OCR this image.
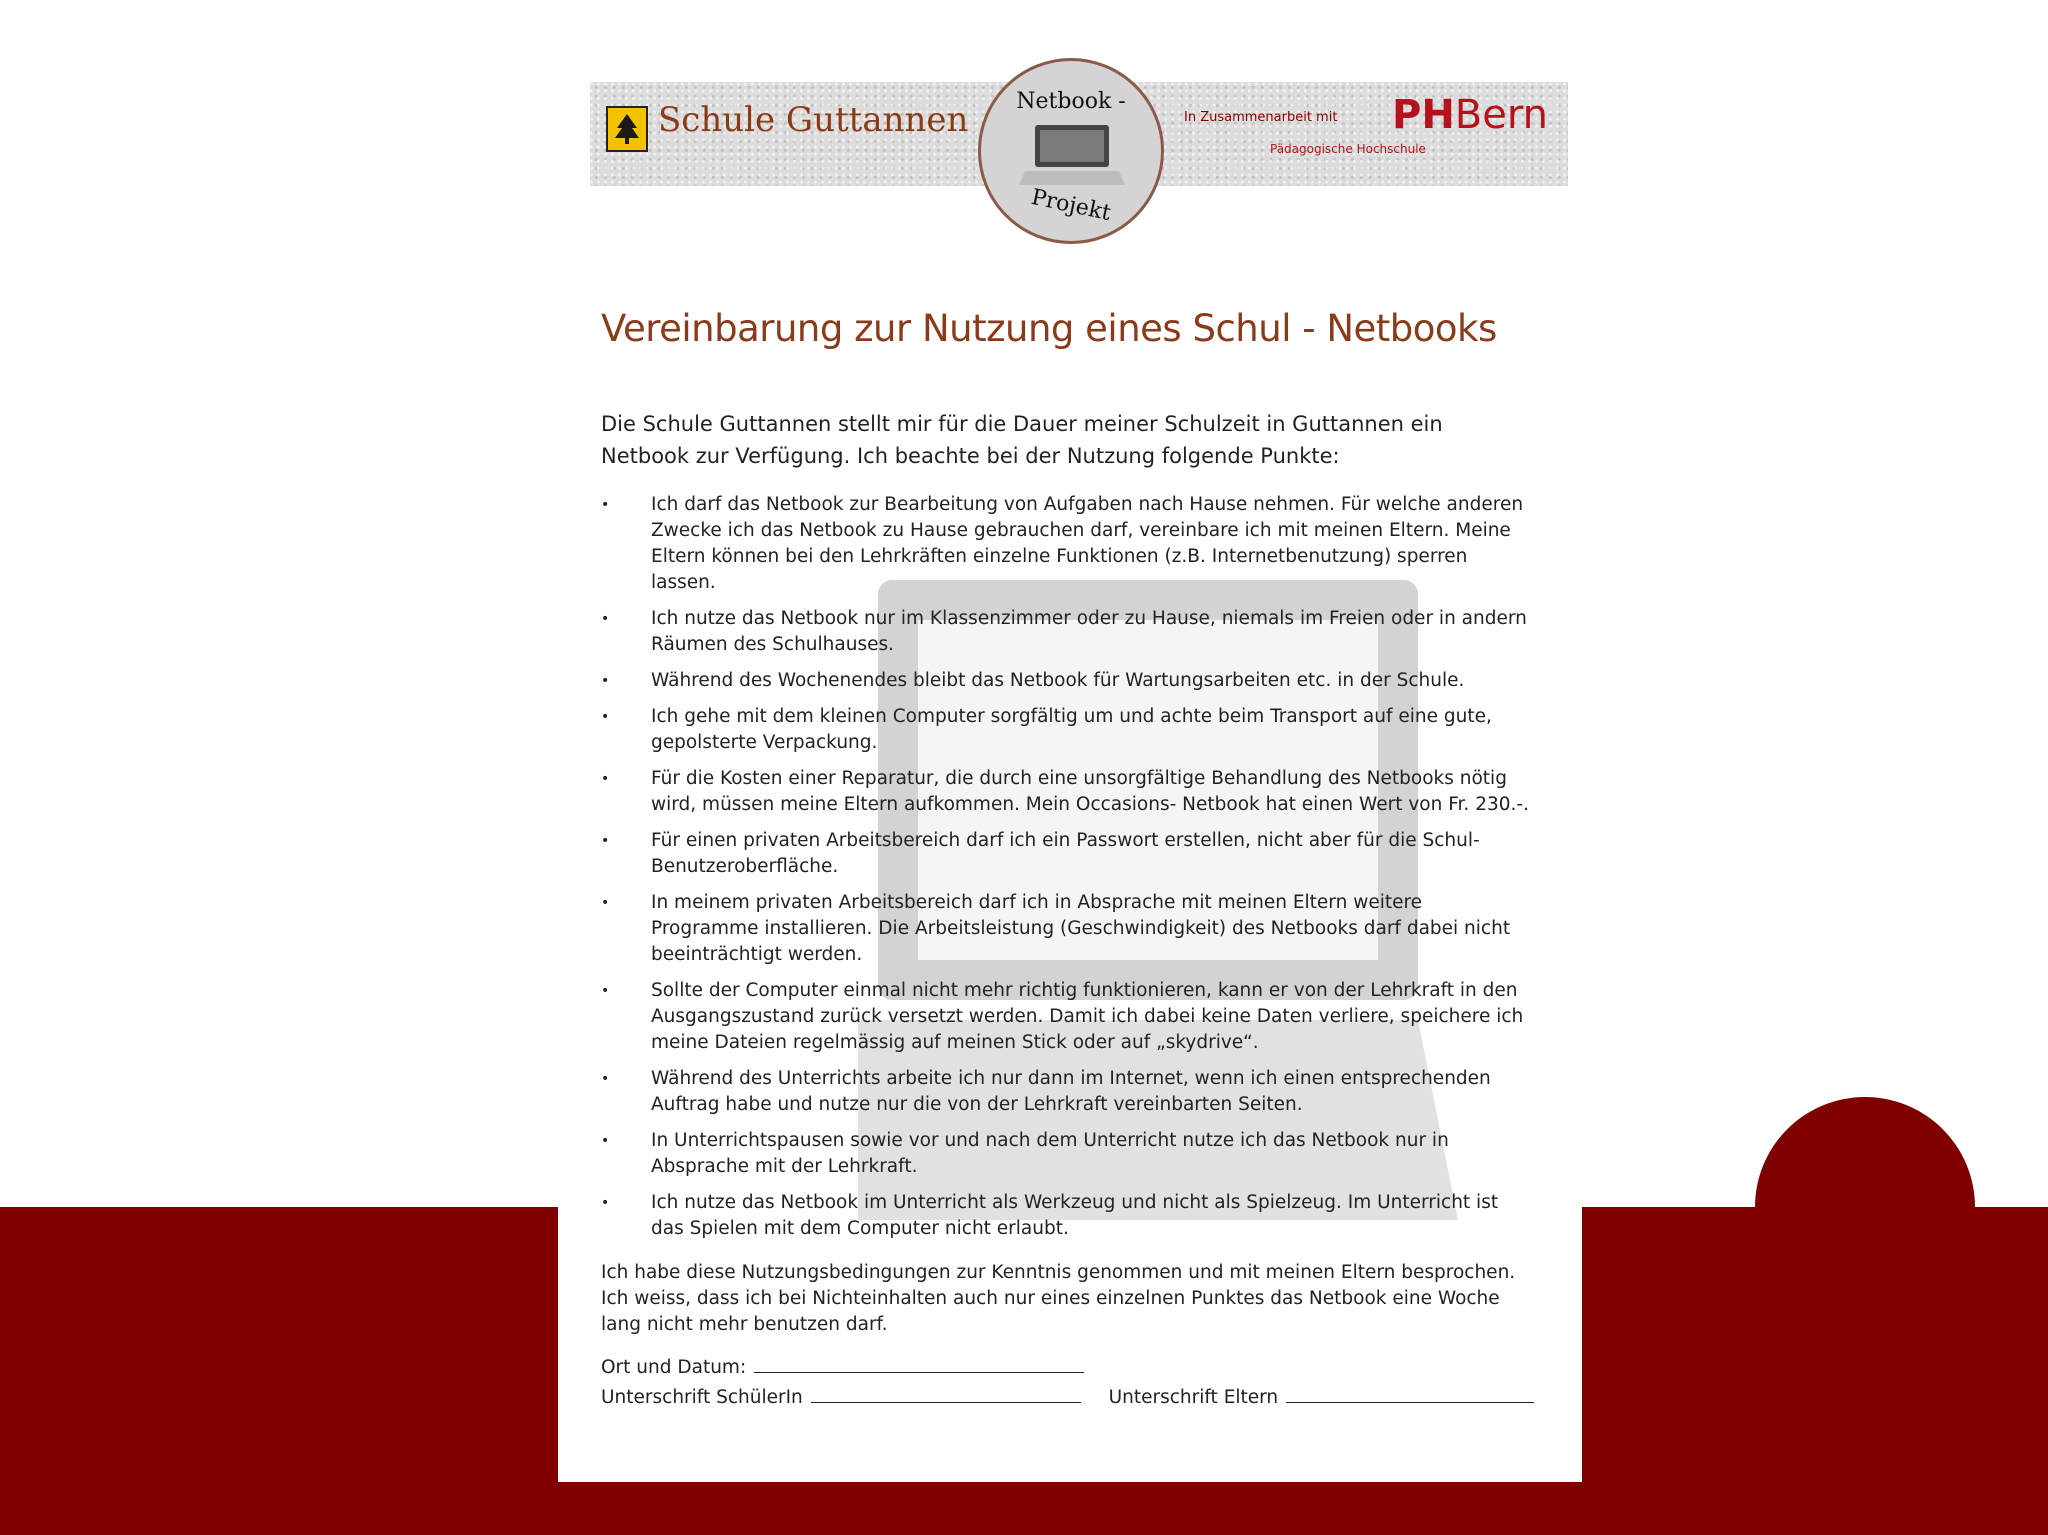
Schule Guttannen	Netbook -
Projekt
In Zusammenarbeit mit PHBern
Pädagogische Hochschule
Vereinbarung zur Nutzung eines Schul - Netbooks
Die Schule Guttannen stellt mir für die Dauer meiner Schulzeit in Guttannen ein Netbook zur Verfügung. Ich beachte bei der Nutzung folgende Punkte:
• Ich darf das Netbook zur Bearbeitung von Aufgaben nach Hause nehmen. Für welche anderen Zwecke ich das Netbook zu Hause gebrauchen darf, vereinbare ich mit meinen Eltern. Meine Eltern können bei den Lehrkräften einzelne Funktionen (z.B. Internetbenutzung) sperren lassen.
• Ich nutze das Netbook nur im Klassenzimmer oder zu Hause, niemals im Freien oder in andern Räumen des Schulhauses.
• Während des Wochenendes bleibt das Netbook für Wartungsarbeiten etc. in der Schule.
• Ich gehe mit dem kleinen Computer sorgfältig um und achte beim Transport auf eine gute, gepolsterte Verpackung.
• Für die Kosten einer Reparatur, die durch eine unsorgfältige Behandlung des Netbooks nötig wird, müssen meine Eltern aufkommen. Mein Occasions- Netbook hat einen Wert von Fr. 230.-.
• Für einen privaten Arbeitsbereich darf ich ein Passwort erstellen, nicht aber für die Schul-Benutzeroberfläche.
• In meinem privaten Arbeitsbereich darf ich in Absprache mit meinen Eltern weitere Programme installieren. Die Arbeitsleistung (Geschwindigkeit) des Netbooks darf dabei nicht beeinträchtigt werden.
• Sollte der Computer einmal nicht mehr richtig funktionieren, kann er von der Lehrkraft in den Ausgangszustand zurück versetzt werden. Damit ich dabei keine Daten verliere, speichere ich meine Dateien regelmässig auf meinen Stick oder auf „skydrive“.
• Während des Unterrichts arbeite ich nur dann im Internet, wenn ich einen entsprechenden Auftrag habe und nutze nur die von der Lehrkraft vereinbarten Seiten.
• In Unterrichtspausen sowie vor und nach dem Unterricht nutze ich das Netbook nur in Absprache mit der Lehrkraft.
• Ich nutze das Netbook im Unterricht als Werkzeug und nicht als Spielzeug. Im Unterricht ist das Spielen mit dem Computer nicht erlaubt.
Ich habe diese Nutzungsbedingungen zur Kenntnis genommen und mit meinen Eltern besprochen. Ich weiss, dass ich bei Nichteinhalten auch nur eines einzelnen Punktes das Netbook eine Woche lang nicht mehr benutzen darf.
Ort und Datum:
Unterschrift SchülerIn	Unterschrift Eltern
